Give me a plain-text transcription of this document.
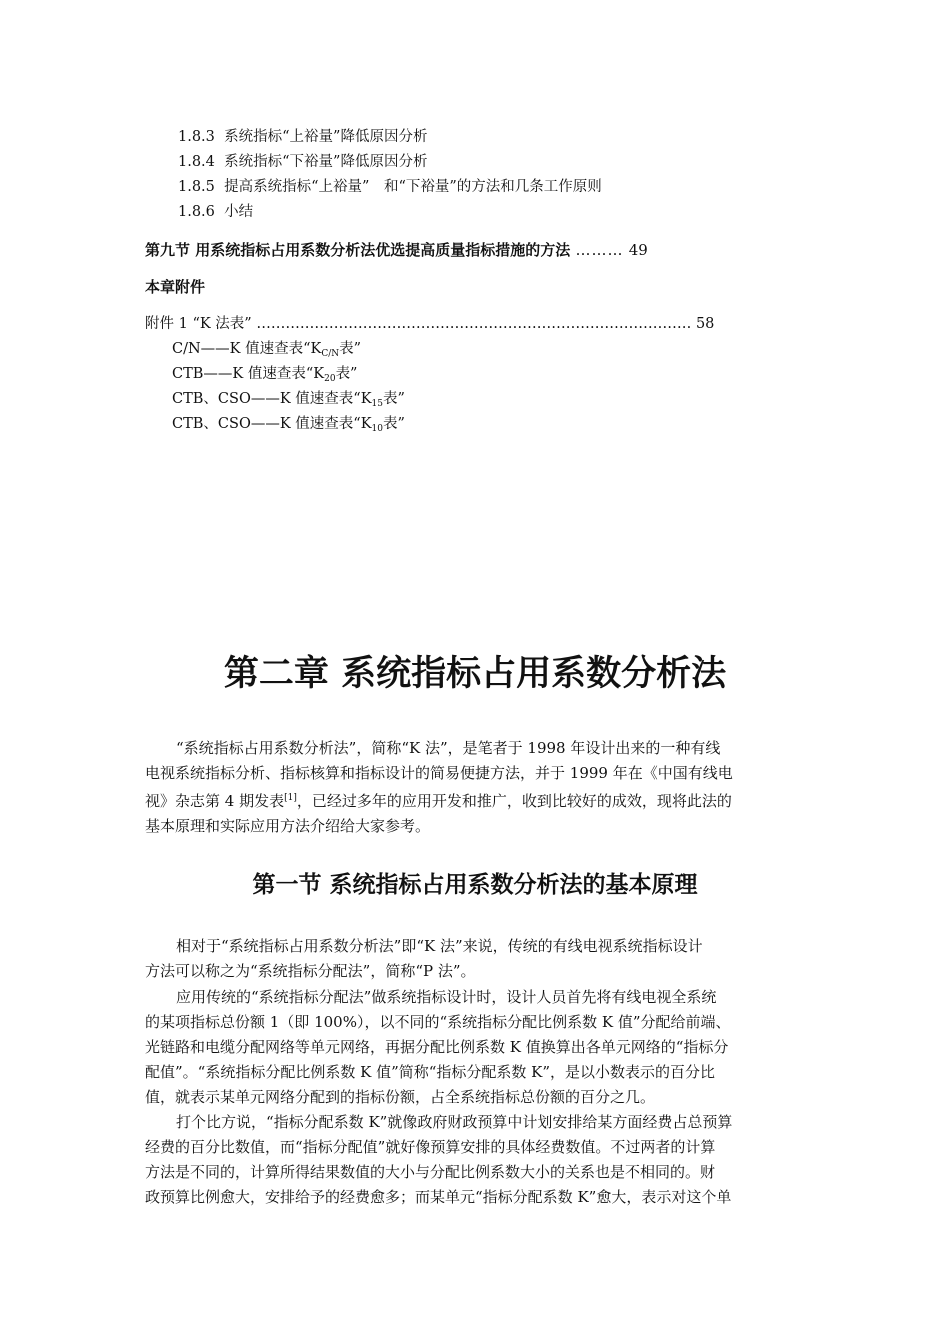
1.8.3 系统指标“上裕量”降低原因分析
1.8.4 系统指标“下裕量”降低原因分析
1.8.5 提高系统指标“上裕量”　和“下裕量”的方法和几条工作原则
1.8.6 小结
第九节 用系统指标占用系数分析法优选提高质量指标措施的方法 ……… 49
本章附件
附件 1 “K 法表” ……………………………………………………………………………… 58
C/N——K 值速查表“$K_{C/N}$表”
CTB——K 值速查表“$K_{20}$表”
CTB、CSO——K 值速查表“$K_{15}$表”
CTB、CSO——K 值速查表“$K_{10}$表”
第二章 系统指标占用系数分析法
“系统指标占用系数分析法”，简称“K 法”，是笔者于 1998 年设计出来的一种有线
电视系统指标分析、指标核算和指标设计的简易便捷方法，并于 1999 年在《中国有线电
视》杂志第 4 期发表[1]，已经过多年的应用开发和推广，收到比较好的成效，现将此法的
基本原理和实际应用方法介绍给大家参考。
第一节 系统指标占用系数分析法的基本原理
相对于“系统指标占用系数分析法”即“K 法”来说，传统的有线电视系统指标设计
方法可以称之为“系统指标分配法”，简称“P 法”。
应用传统的“系统指标分配法”做系统指标设计时，设计人员首先将有线电视全系统
的某项指标总份额 1（即 100%），以不同的“系统指标分配比例系数 K 值”分配给前端、
光链路和电缆分配网络等单元网络，再据分配比例系数 K 值换算出各单元网络的“指标分
配值”。“系统指标分配比例系数 K 值”简称“指标分配系数 K”，是以小数表示的百分比
值，就表示某单元网络分配到的指标份额，占全系统指标总份额的百分之几。
打个比方说，“指标分配系数 K”就像政府财政预算中计划安排给某方面经费占总预算
经费的百分比数值，而“指标分配值”就好像预算安排的具体经费数值。不过两者的计算
方法是不同的，计算所得结果数值的大小与分配比例系数大小的关系也是不相同的。财
政预算比例愈大，安排给予的经费愈多；而某单元“指标分配系数 K”愈大，表示对这个单
